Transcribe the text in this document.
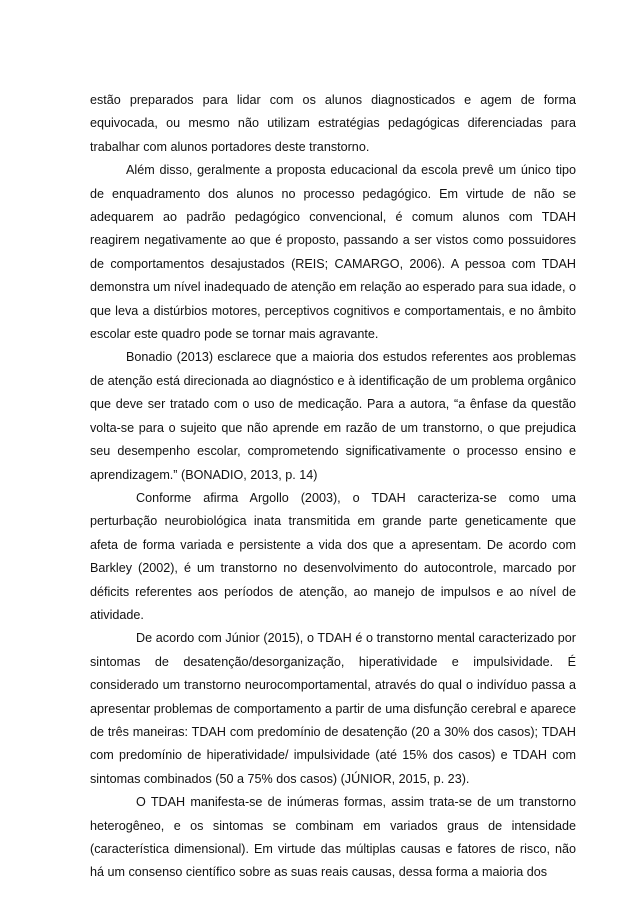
estão preparados para lidar com os alunos diagnosticados e agem de forma equivocada, ou mesmo não utilizam estratégias pedagógicas diferenciadas para trabalhar com alunos portadores deste transtorno.

Além disso, geralmente a proposta educacional da escola prevê um único tipo de enquadramento dos alunos no processo pedagógico. Em virtude de não se adequarem ao padrão pedagógico convencional, é comum alunos com TDAH reagirem negativamente ao que é proposto, passando a ser vistos como possuidores de comportamentos desajustados (REIS; CAMARGO, 2006). A pessoa com TDAH demonstra um nível inadequado de atenção em relação ao esperado para sua idade, o que leva a distúrbios motores, perceptivos cognitivos e comportamentais, e no âmbito escolar este quadro pode se tornar mais agravante.

Bonadio (2013) esclarece que a maioria dos estudos referentes aos problemas de atenção está direcionada ao diagnóstico e à identificação de um problema orgânico que deve ser tratado com o uso de medicação. Para a autora, “a ênfase da questão volta-se para o sujeito que não aprende em razão de um transtorno, o que prejudica seu desempenho escolar, comprometendo significativamente o processo ensino e aprendizagem.” (BONADIO, 2013, p. 14)

Conforme afirma Argollo (2003), o TDAH caracteriza-se como uma perturbação neurobiológica inata transmitida em grande parte geneticamente que afeta de forma variada e persistente a vida dos que a apresentam. De acordo com Barkley (2002), é um transtorno no desenvolvimento do autocontrole, marcado por déficits referentes aos períodos de atenção, ao manejo de impulsos e ao nível de atividade.

De acordo com Júnior (2015), o TDAH é o transtorno mental caracterizado por sintomas de desatenção/desorganização, hiperatividade e impulsividade. É considerado um transtorno neurocomportamental, através do qual o indivíduo passa a apresentar problemas de comportamento a partir de uma disfunção cerebral e aparece de três maneiras: TDAH com predomínio de desatenção (20 a 30% dos casos); TDAH com predomínio de hiperatividade/ impulsividade (até 15% dos casos) e TDAH com sintomas combinados (50 a 75% dos casos) (JÚNIOR, 2015, p. 23).

O TDAH manifesta-se de inúmeras formas, assim trata-se de um transtorno heterogêneo, e os sintomas se combinam em variados graus de intensidade (característica dimensional). Em virtude das múltiplas causas e fatores de risco, não há um consenso científico sobre as suas reais causas, dessa forma a maioria dos
